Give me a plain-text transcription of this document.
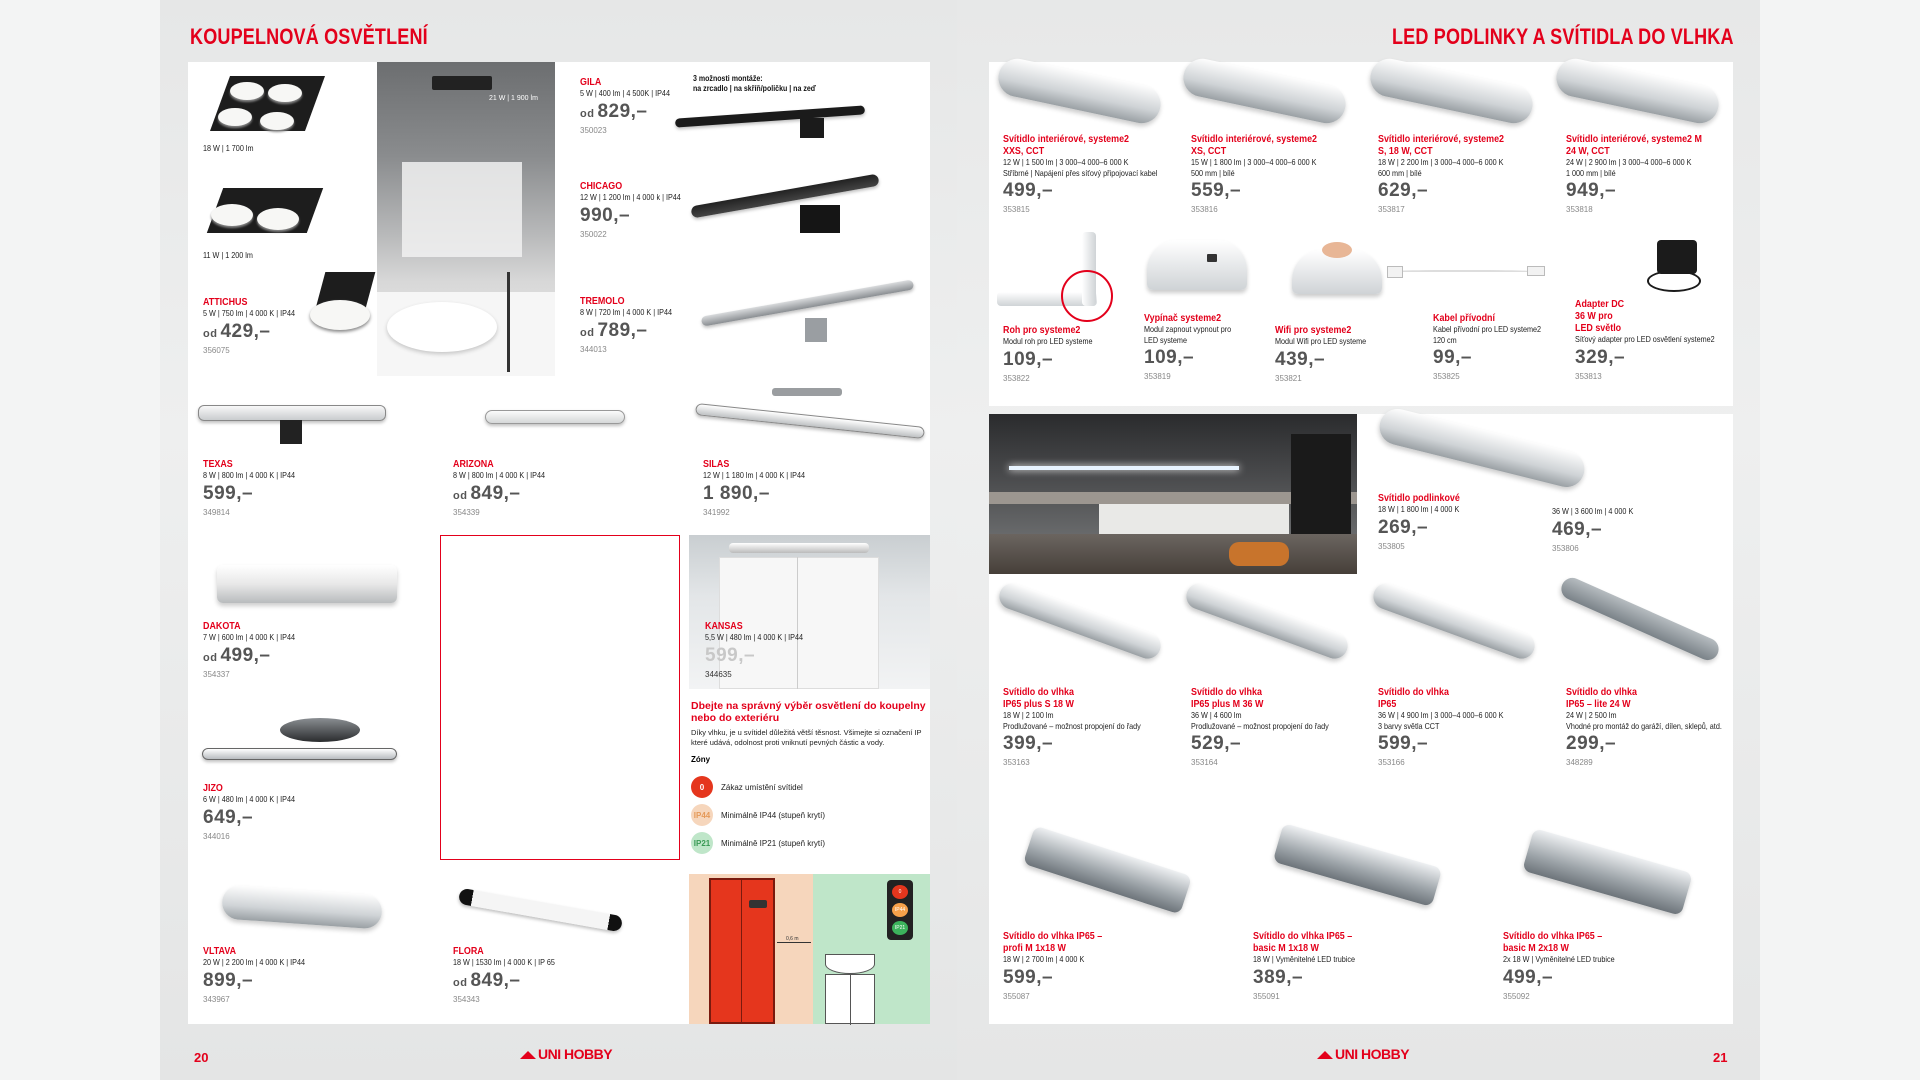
KOUPELNOVÁ OSVĚTLENÍ
21 W | 1 900 lm
18 W | 1 700 lm
11 W | 1 200 lm
ATTICHUS
5 W | 750 lm | 4 000 K | IP44
od 429,–
356075
GILA
5 W | 400 lm | 4 500K | IP44
od 829,–
350023
3 možnosti montáže:
na zrcadlo | na skříň/poličku | na zeď
CHICAGO
12 W | 1 200 lm | 4 000 k | IP44
990,–
350022
TREMOLO
8 W | 720 lm | 4 000 K | IP44
od 789,–
344013
TEXAS
8 W | 800 lm | 4 000 K | IP44
599,–
349814
ARIZONA
8 W | 800 lm | 4 000 K | IP44
od 849,–
354339
SILAS
12 W | 1 180 lm | 4 000 K | IP44
1 890,–
341992
DAKOTA
7 W | 600 lm | 4 000 K | IP44
od 499,–
354337
KANSAS
5,5 W | 480 lm | 4 000 K | IP44
599,–
344635
Dbejte na správný výběr osvětlení do koupelny nebo do exteriéru
Díky vlhku, je u svítidel důležitá větší těsnost. Všimejte si označení IP které udává, odolnost proti vniknutí pevných částic a vody.
Zóny
0	Zákaz umístění svítidel
IP44	Minimálně IP44 (stupeň krytí)
IP21	Minimálně IP21 (stupeň krytí)
JIZO
6 W | 480 lm | 4 000 K | IP44
649,–
344016
VLTAVA
20 W | 2 200 lm | 4 000 K | IP44
899,–
343967
FLORA
18 W | 1530 lm | 4 000 K | IP 65
od 849,–
354343
0,6 m
0
IP44
IP21
20	UNI HOBBY
LED PODLINKY A SVÍTIDLA DO VLHKA
Svítidlo interiérové, systeme2 XXS, CCT
12 W | 1 500 lm | 3 000–4 000–6 000 K
Stříbrné | Napájení přes síťový připojovací kabel
499,–
353815
Svítidlo interiérové, systeme2 XS, CCT
15 W | 1 800 lm | 3 000–4 000–6 000 K
500 mm | bílé
559,–
353816
Svítidlo interiérové, systeme2 S, 18 W, CCT
18 W | 2 200 lm | 3 000–4 000–6 000 K
600 mm | bílé
629,–
353817
Svítidlo interiérové, systeme2 M 24 W, CCT
24 W | 2 900 lm | 3 000–4 000–6 000 K
1 000 mm | bílé
949,–
353818
Roh pro systeme2
Modul roh pro LED systeme
109,–
353822
Vypínač systeme2
Modul zapnout vypnout pro LED systeme
109,–
353819
Wifi pro systeme2
Modul Wifi pro LED systeme
439,–
353821
Kabel přívodní
Kabel přívodní pro LED systeme2
120 cm
99,–
353825
Adapter DC 36 W pro LED světlo
Síťový adapter pro LED osvětlení systeme2
329,–
353813
Svítidlo podlinkové
18 W | 1 800 lm | 4 000 K
269,–
353805
36 W | 3 600 lm | 4 000 K
469,–
353806
Svítidlo do vlhka IP65 plus S 18 W
18 W | 2 100 lm
Prodlužované – možnost propojení do řady
399,–
353163
Svítidlo do vlhka IP65 plus M 36 W
36 W | 4 600 lm
Prodlužované – možnost propojení do řady
529,–
353164
Svítidlo do vlhka IP65
36 W | 4 900 lm | 3 000–4 000–6 000 K
3 barvy světla CCT
599,–
353166
Svítidlo do vlhka IP65 – lite 24 W
24 W | 2 500 lm
Vhodné pro montáž do garáží, dílen, sklepů, atd.
299,–
348289
Svítidlo do vlhka IP65 – profi M 1x18 W
18 W | 2 700 lm | 4 000 K
599,–
355087
Svítidlo do vlhka IP65 – basic M 1x18 W
18 W | Vyměnitelné LED trubice
389,–
355091
Svítidlo do vlhka IP65 – basic M 2x18 W
2x 18 W | Vyměnitelné LED trubice
499,–
355092
UNI HOBBY	21
